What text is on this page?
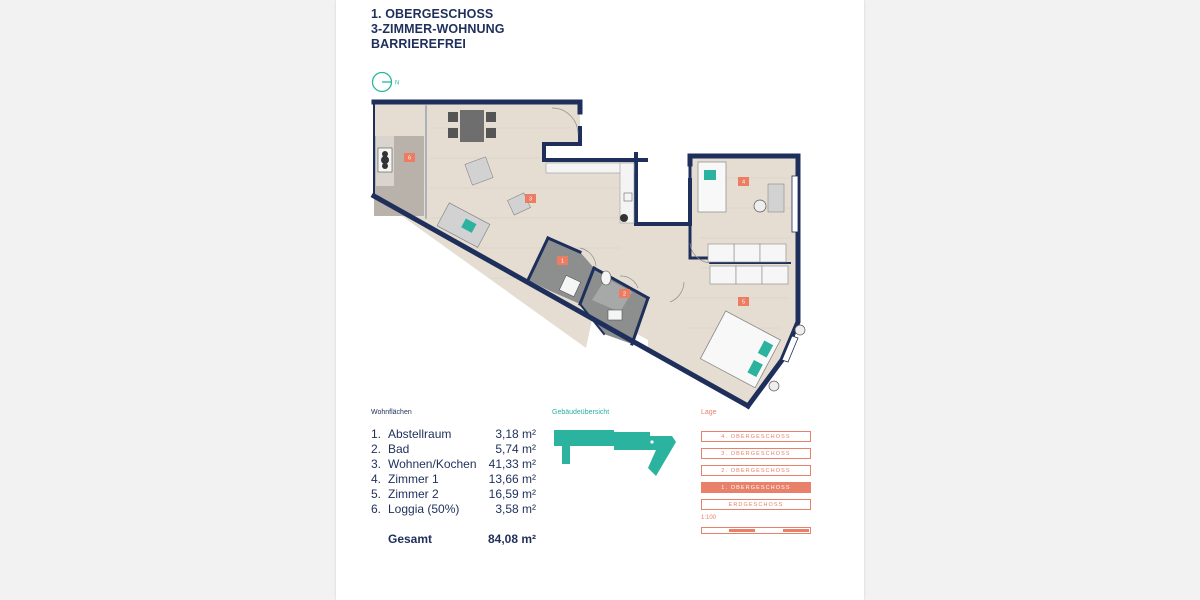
1. OBERGESCHOSS
3-ZIMMER-WOHNUNG
BARRIEREFREI
N
1
2
3
4
5
6
Wohnflächen	Gebäudeübersicht	Lage
1. Abstellraum	3,18 m²
2. Bad	5,74 m²
3. Wohnen/Kochen	41,33 m²
4. Zimmer 1	13,66 m²
5. Zimmer 2	16,59 m²
6. Loggia (50%)	3,58 m²
Gesamt	84,08 m²
4. OBERGESCHOSS
3. OBERGESCHOSS
2. OBERGESCHOSS
1. OBERGESCHOSS
ERDGESCHOSS
1:100
